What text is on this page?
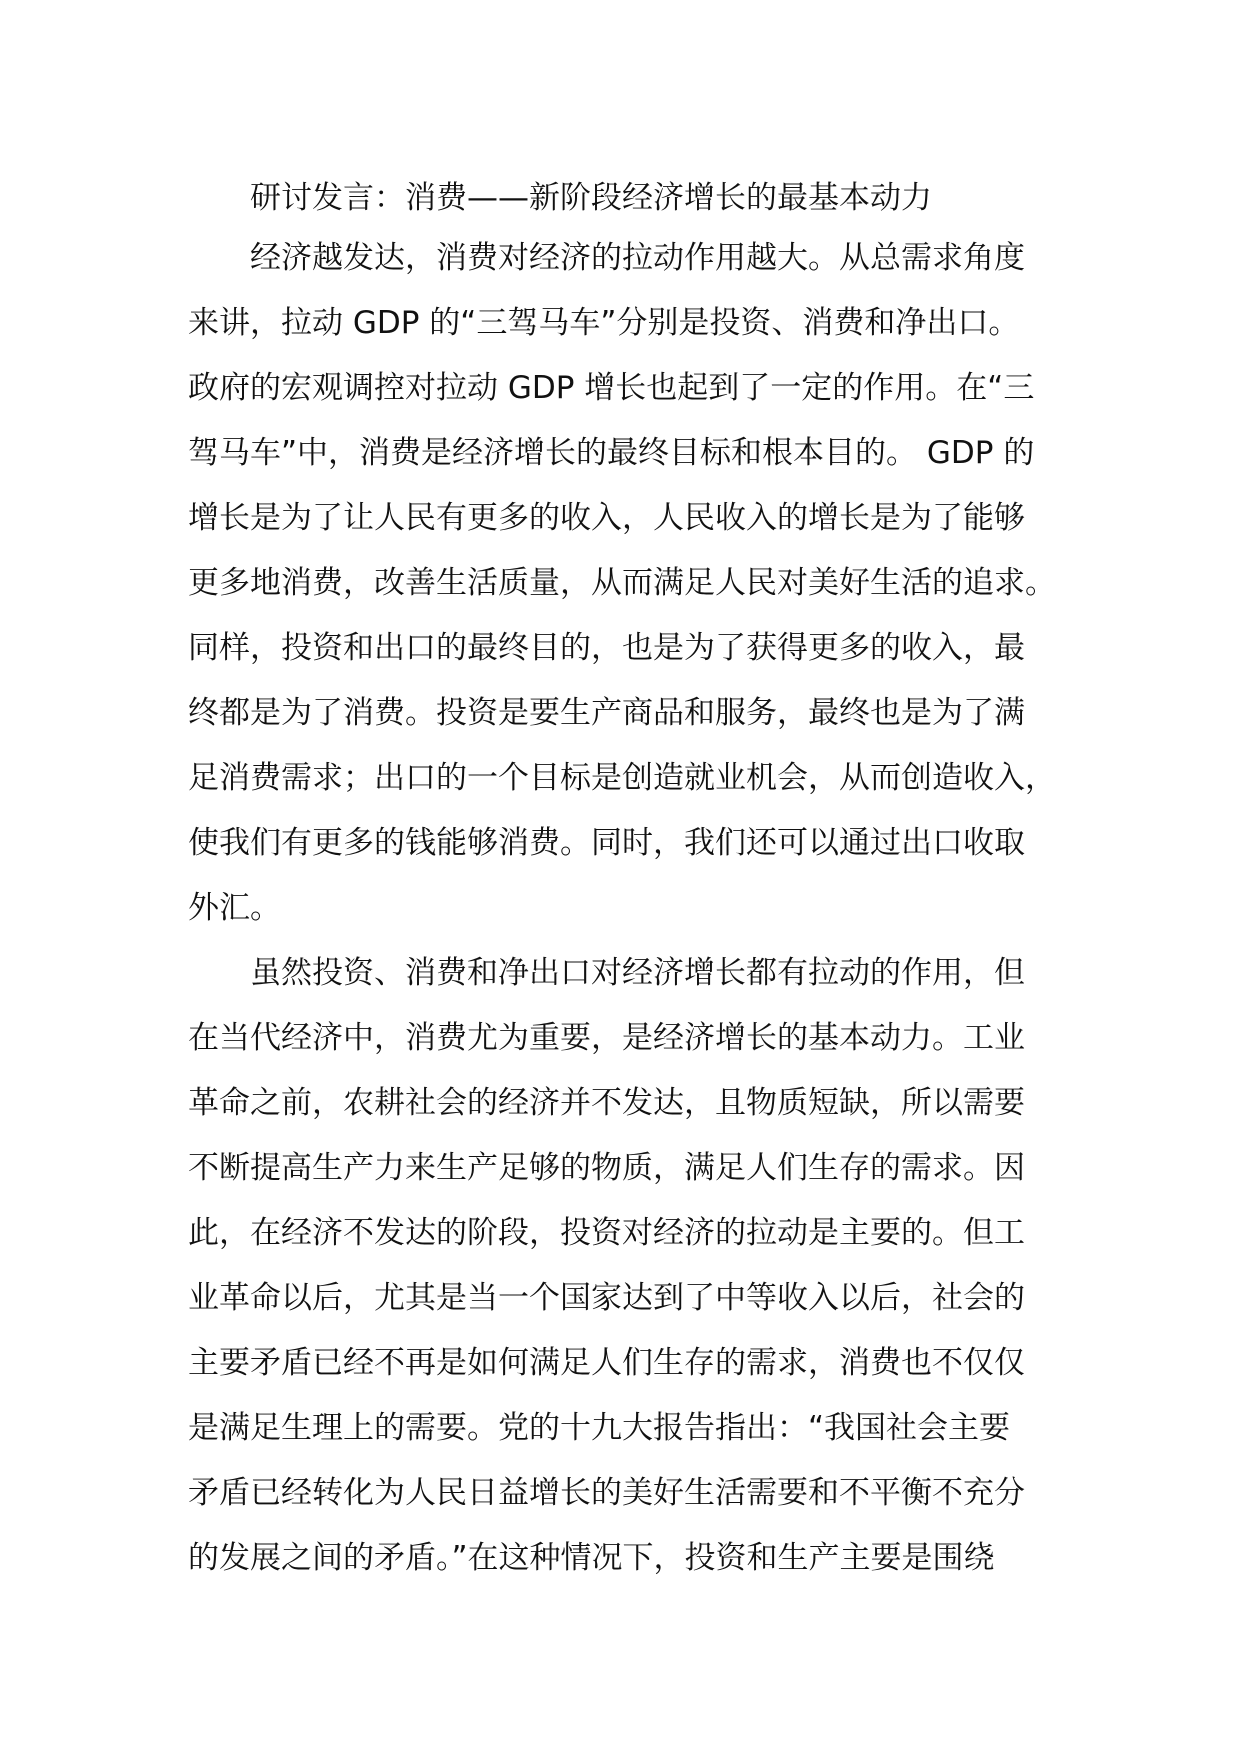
研讨发言：消费——新阶段经济增长的最基本动力
经济越发达，消费对经济的拉动作用越大。从总需求角度
来讲，拉动 GDP 的“三驾马车”分别是投资、消费和净出口。
政府的宏观调控对拉动 GDP 增长也起到了一定的作用。在“三
驾马车”中，消费是经济增长的最终目标和根本目的。 GDP 的
增长是为了让人民有更多的收入，人民收入的增长是为了能够
更多地消费，改善生活质量，从而满足人民对美好生活的追求。
同样，投资和出口的最终目的，也是为了获得更多的收入，最
终都是为了消费。投资是要生产商品和服务，最终也是为了满
足消费需求；出口的一个目标是创造就业机会，从而创造收入，
使我们有更多的钱能够消费。同时，我们还可以通过出口收取
外汇。
虽然投资、消费和净出口对经济增长都有拉动的作用，但
在当代经济中，消费尤为重要，是经济增长的基本动力。工业
革命之前，农耕社会的经济并不发达，且物质短缺，所以需要
不断提高生产力来生产足够的物质，满足人们生存的需求。因
此，在经济不发达的阶段，投资对经济的拉动是主要的。但工
业革命以后，尤其是当一个国家达到了中等收入以后，社会的
主要矛盾已经不再是如何满足人们生存的需求，消费也不仅仅
是满足生理上的需要。党的十九大报告指出：“我国社会主要
矛盾已经转化为人民日益增长的美好生活需要和不平衡不充分
的发展之间的矛盾。”在这种情况下，投资和生产主要是围绕
